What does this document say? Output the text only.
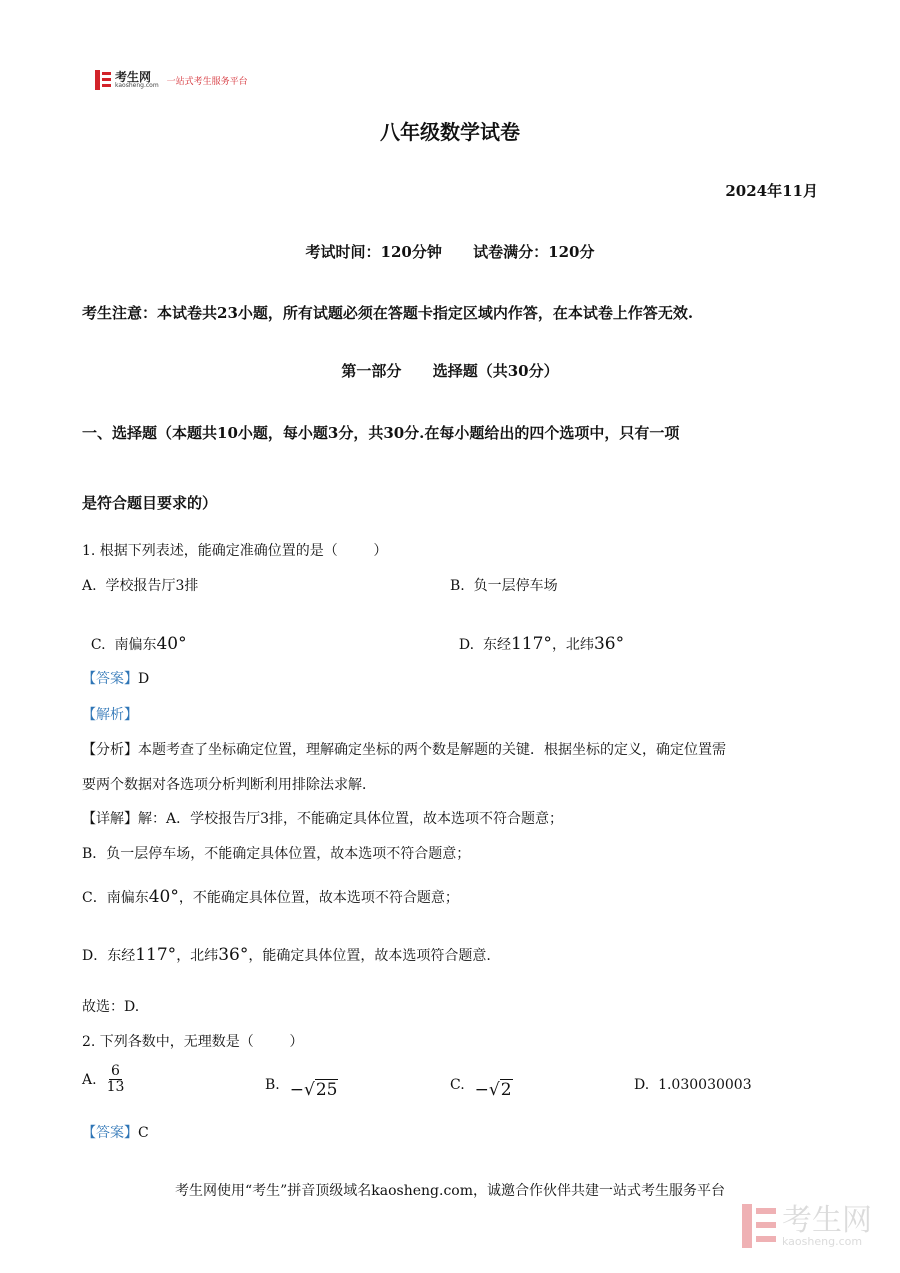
考生网
kaosheng.com 一站式考生服务平台
八年级数学试卷
2024年11月
考试时间：120分钟      试卷满分：120分
考生注意：本试卷共23小题，所有试题必须在答题卡指定区域内作答，在本试卷上作答无效.
第一部分      选择题（共30分）
一、选择题（本题共10小题，每小题3分，共30分.在每小题给出的四个选项中，只有一项
是符合题目要求的）
1. 根据下列表述，能确定准确位置的是（        ）
A.  学校报告厅3排	B.  负一层停车场

C.  南偏东40°	D.  东经117°，北纬36°

【答案】D
【解析】
【分析】本题考查了坐标确定位置，理解确定坐标的两个数是解题的关键．根据坐标的定义，确定位置需
要两个数据对各选项分析判断利用排除法求解．
【详解】解：A．学校报告厅3排，不能确定具体位置，故本选项不符合题意；
B．负一层停车场，不能确定具体位置，故本选项不符合题意；
C．南偏东40°，不能确定具体位置，故本选项不符合题意；
D．东经117°，北纬36°，能确定具体位置，故本选项符合题意.
故选：D.
2. 下列各数中，无理数是（        ）
A. $\frac{6}{13}$	B. −√25	C. −√2	D.  1.030030003
【答案】C
考生网使用“考生”拼音顶级域名kaosheng.com，诚邀合作伙伴共建一站式考生服务平台
考生网
kaosheng.com
